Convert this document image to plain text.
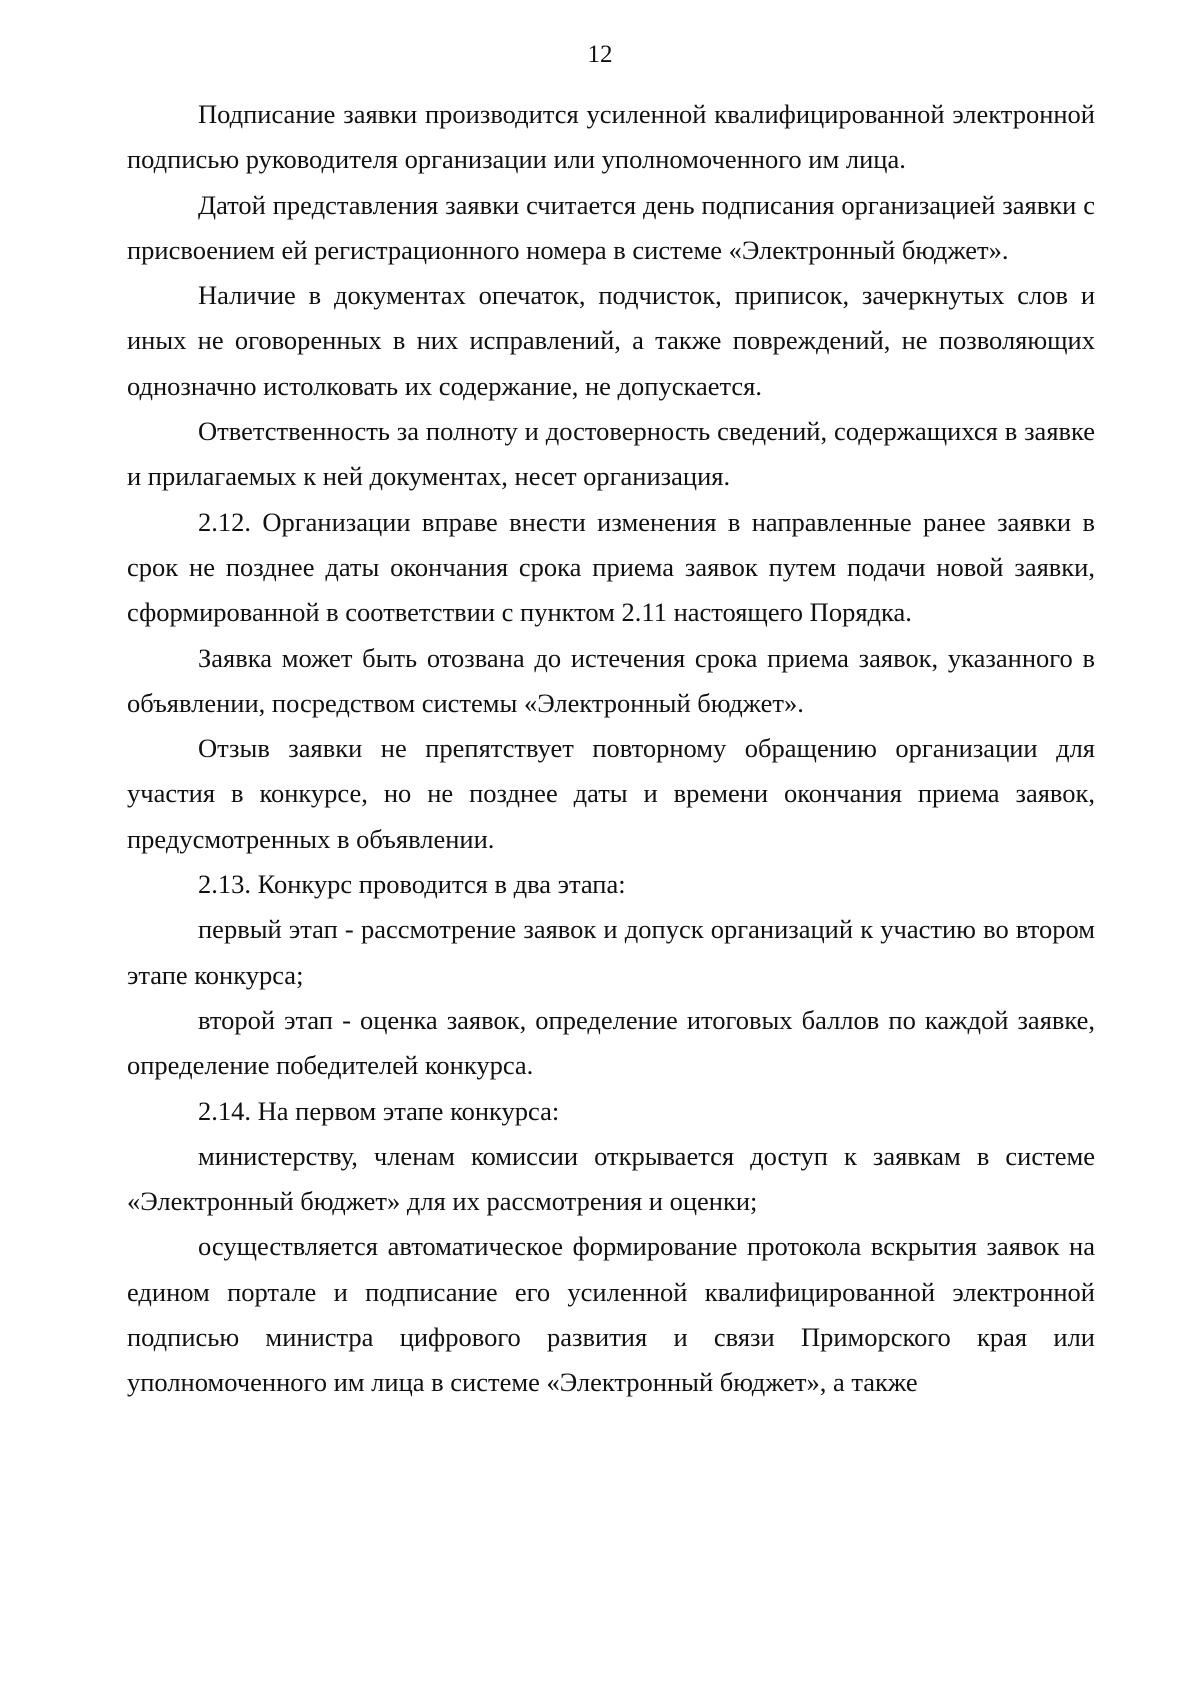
12

Подписание заявки производится усиленной квалифицированной электронной подписью руководителя организации или уполномоченного им лица.

Датой представления заявки считается день подписания организацией заявки с присвоением ей регистрационного номера в системе «Электронный бюджет».

Наличие в документах опечаток, подчисток, приписок, зачеркнутых слов и иных не оговоренных в них исправлений, а также повреждений, не позволяющих однозначно истолковать их содержание, не допускается.

Ответственность за полноту и достоверность сведений, содержащихся в заявке и прилагаемых к ней документах, несет организация.

2.12. Организации вправе внести изменения в направленные ранее заявки в срок не позднее даты окончания срока приема заявок путем подачи новой заявки, сформированной в соответствии с пунктом 2.11 настоящего Порядка.

Заявка может быть отозвана до истечения срока приема заявок, указанного в объявлении, посредством системы «Электронный бюджет».

Отзыв заявки не препятствует повторному обращению организации для участия в конкурсе, но не позднее даты и времени окончания приема заявок, предусмотренных в объявлении.

2.13. Конкурс проводится в два этапа:

первый этап - рассмотрение заявок и допуск организаций к участию во втором этапе конкурса;

второй этап - оценка заявок, определение итоговых баллов по каждой заявке, определение победителей конкурса.

2.14. На первом этапе конкурса:

министерству, членам комиссии открывается доступ к заявкам в системе «Электронный бюджет» для их рассмотрения и оценки;

осуществляется автоматическое формирование протокола вскрытия заявок на едином портале и подписание его усиленной квалифицированной электронной подписью министра цифрового развития и связи Приморского края или уполномоченного им лица в системе «Электронный бюджет», а также
